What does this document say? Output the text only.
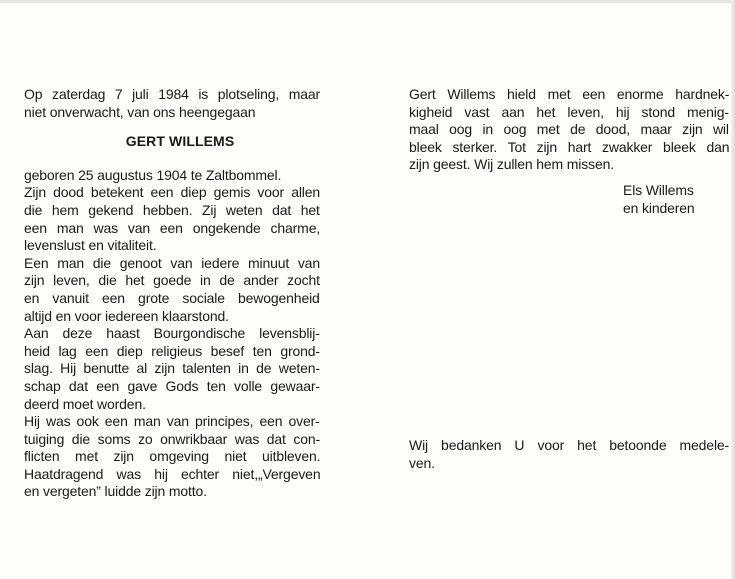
Op zaterdag 7 juli 1984 is plotseling, maar
niet onverwacht, van ons heengegaan
GERT WILLEMS
geboren 25 augustus 1904 te Zaltbommel.
Zijn dood betekent een diep gemis voor allen
die hem gekend hebben. Zij weten dat het
een man was van een ongekende charme,
levenslust en vitaliteit.
Een man die genoot van iedere minuut van
zijn leven, die het goede in de ander zocht
en vanuit een grote sociale bewogenheid
altijd en voor iedereen klaarstond.
Aan deze haast Bourgondische levensblij-
heid lag een diep religieus besef ten grond-
slag. Hij benutte al zijn talenten in de weten-
schap dat een gave Gods ten volle gewaar-
deerd moet worden.
Hij was ook een man van principes, een over-
tuiging die soms zo onwrikbaar was dat con-
flicten met zijn omgeving niet uitbleven.
Haatdragend was hij echter niet,„Vergeven
en vergeten” luidde zijn motto.
Gert Willems hield met een enorme hardnek-
kigheid vast aan het leven, hij stond menig-
maal oog in oog met de dood, maar zijn wil
bleek sterker. Tot zijn hart zwakker bleek dan
zijn geest. Wij zullen hem missen.
Els Willems
en kinderen
Wij bedanken U voor het betoonde medele-
ven.
